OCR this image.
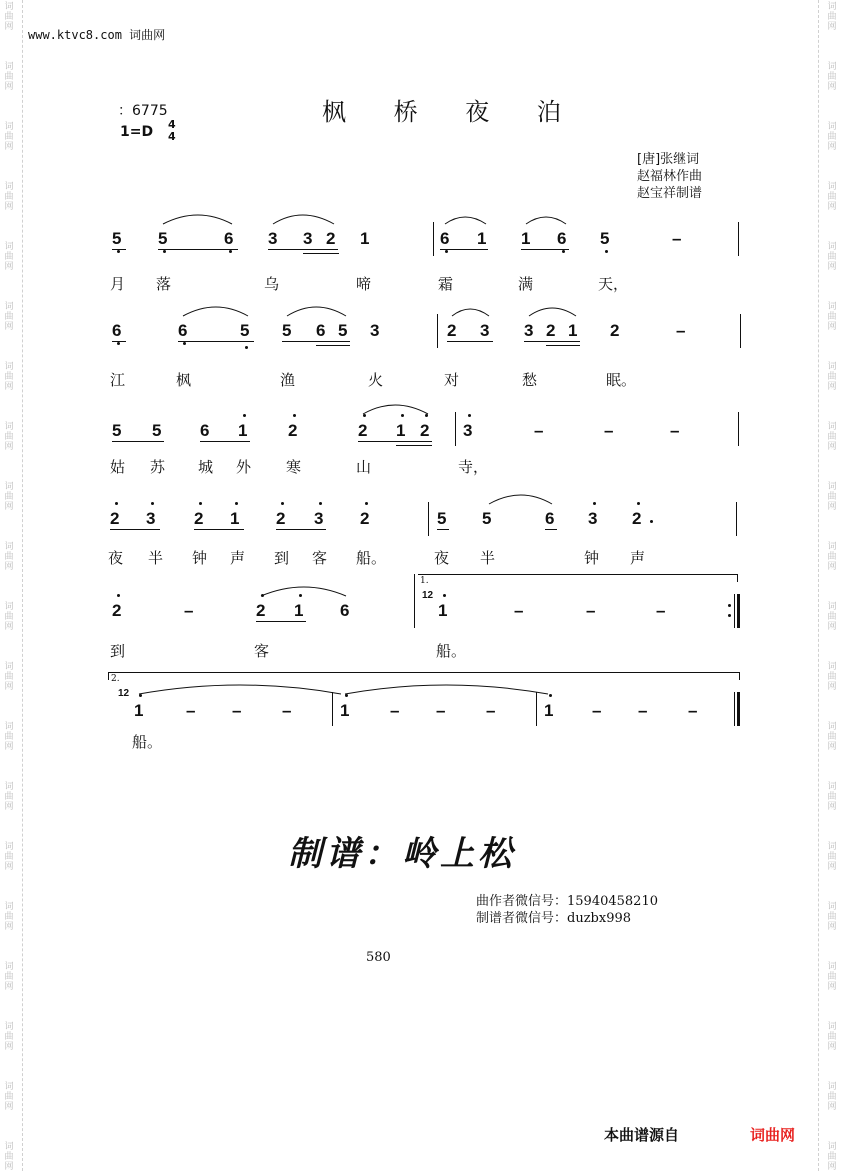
词
曲
网
词
曲
网
词
曲
网
词
曲
网
词
曲
网
词
曲
网
词
曲
网
词
曲
网
词
曲
网
词
曲
网
词
曲
网
词
曲
网
词
曲
网
词
曲
网
词
曲
网
词
曲
网
词
曲
网
词
曲
网
词
曲
网
词
曲
网
词
曲
网
词
曲
网
词
曲
网
词
曲
网
词
曲
网
词
曲
网
词
曲
网
词
曲
网
词
曲
网
词
曲
网
词
曲
网
词
曲
网
词
曲
网
词
曲
网
词
曲
网
词
曲
网
词
曲
网
词
曲
网
词
曲
网
词
曲
网
www.ktvc8.com 词曲网
枫 桥 夜 泊
：6775
1=D 4
4
[唐]张继词
赵福林作曲
赵宝祥制谱
5 5	6 3 3 2 1	6 1 1 6 5	–
6	6	5 5 6 5 3	2 3 3 2 1 2	–
5 5 6 1 2	2 1 2 3	–	–	–
2 3 2 1 2 3 2	5 5	6 3 2
2	–	2 1 6
1.
12
1	–	–	–
2.
12
1	– – –	1 – – –	1 – – –
月 落	乌	啼	霜	满	天，
江	枫	渔	火	对	愁	眠。
姑 苏 城 外 寒	山	寺，
夜 半 钟 声 到 客 船。	夜 半	钟 声
到	客	船。
船。
制谱：岭上松
曲作者微信号：15940458210
制谱者微信号：duzbx998
580
本曲谱源自	词曲网
